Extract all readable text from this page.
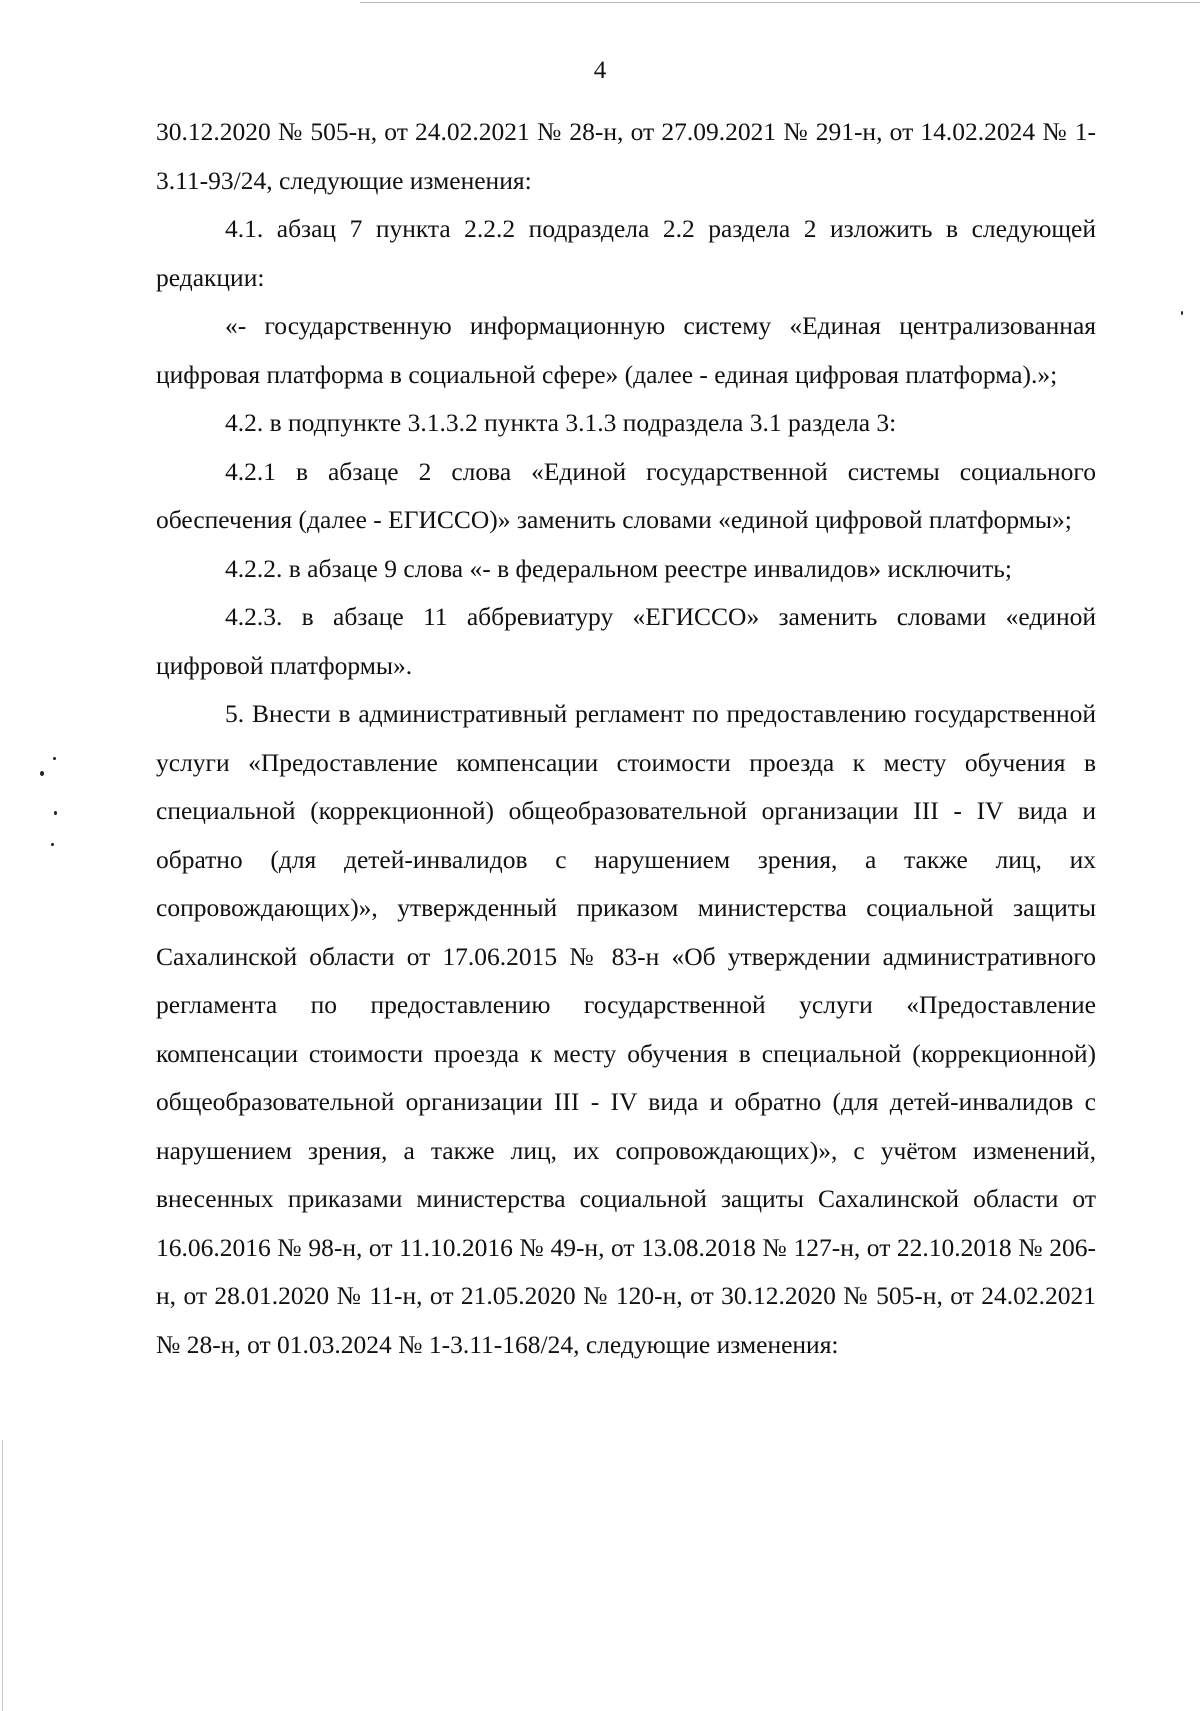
4

30.12.2020 № 505-н, от 24.02.2021 № 28-н, от 27.09.2021 № 291-н, от 14.02.2024 № 1-3.11-93/24, следующие изменения:

4.1. абзац 7 пункта 2.2.2 подраздела 2.2 раздела 2 изложить в следующей редакции:

«- государственную информационную систему «Единая централизованная цифровая платформа в социальной сфере» (далее - единая цифровая платформа).»;

4.2. в подпункте 3.1.3.2 пункта 3.1.3 подраздела 3.1 раздела 3:

4.2.1 в абзаце 2 слова «Единой государственной системы социального обеспечения (далее - ЕГИССО)» заменить словами «единой цифровой платформы»;

4.2.2. в абзаце 9 слова «- в федеральном реестре инвалидов» исключить;

4.2.3. в абзаце 11 аббревиатуру «ЕГИССО» заменить словами «единой цифровой платформы».

5. Внести в административный регламент по предоставлению государственной услуги «Предоставление компенсации стоимости проезда к месту обучения в специальной (коррекционной) общеобразовательной организации III - IV вида и обратно (для детей-инвалидов с нарушением зрения, а также лиц, их сопровождающих)», утвержденный приказом министерства социальной защиты Сахалинской области от 17.06.2015 № 83-н «Об утверждении административного регламента по предоставлению государственной услуги «Предоставление компенсации стоимости проезда к месту обучения в специальной (коррекционной) общеобразовательной организации III - IV вида и обратно (для детей-инвалидов с нарушением зрения, а также лиц, их сопровождающих)», с учётом изменений, внесенных приказами министерства социальной защиты Сахалинской области от 16.06.2016 № 98-н, от 11.10.2016 № 49-н, от 13.08.2018 № 127-н, от 22.10.2018 № 206-н, от 28.01.2020 № 11-н, от 21.05.2020 № 120-н, от 30.12.2020 № 505-н, от 24.02.2021 № 28-н, от 01.03.2024 № 1-3.11-168/24, следующие изменения:
